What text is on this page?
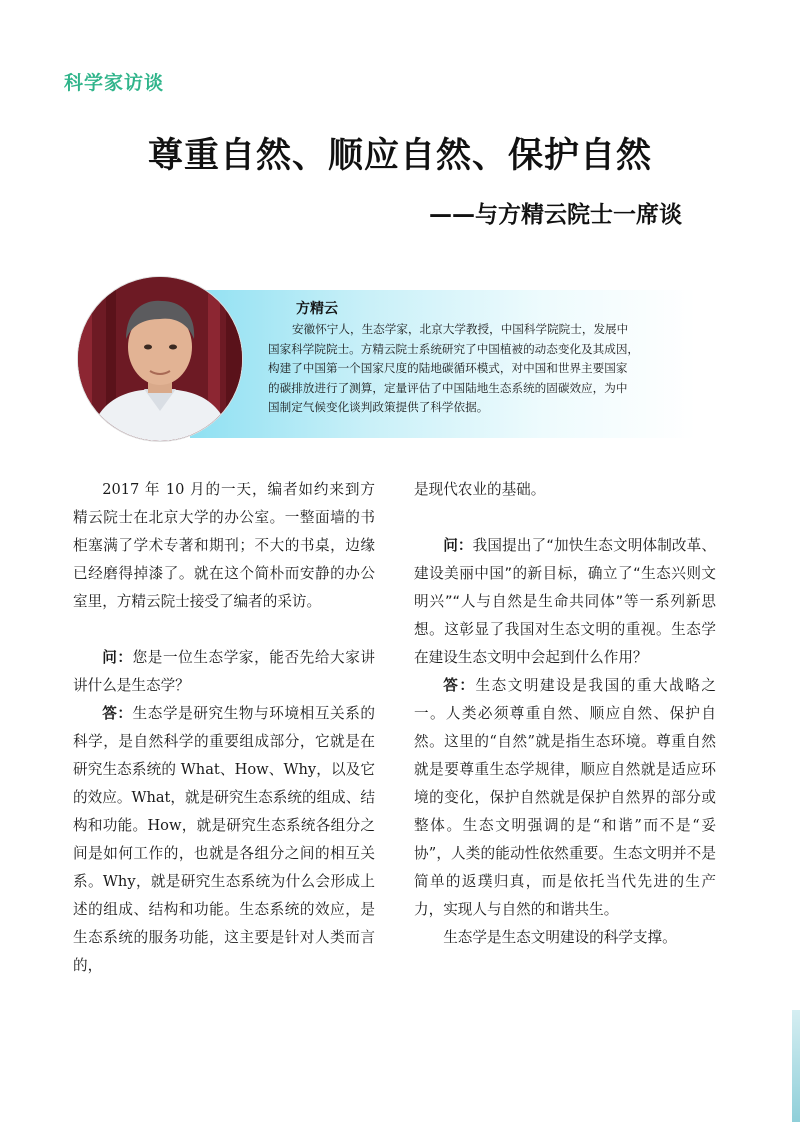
科学家访谈
尊重自然、顺应自然、保护自然
——与方精云院士一席谈
方精云
安徽怀宁人，生态学家，北京大学教授，中国科学院院士，发展中
国家科学院院士。方精云院士系统研究了中国植被的动态变化及其成因，
构建了中国第一个国家尺度的陆地碳循环模式，对中国和世界主要国家
的碳排放进行了测算，定量评估了中国陆地生态系统的固碳效应，为中
国制定气候变化谈判政策提供了科学依据。

2017 年 10 月的一天，编者如约来到方精云院士在北京大学的办公室。一整面墙的书柜塞满了学术专著和期刊；不大的书桌，边缘已经磨得掉漆了。就在这个简朴而安静的办公室里，方精云院士接受了编者的采访。

问：您是一位生态学家，能否先给大家讲讲什么是生态学？

答：生态学是研究生物与环境相互关系的科学，是自然科学的重要组成部分，它就是在研究生态系统的 What、How、Why，以及它的效应。What，就是研究生态系统的组成、结构和功能。How，就是研究生态系统各组分之间是如何工作的，也就是各组分之间的相互关系。Why，就是研究生态系统为什么会形成上述的组成、结构和功能。生态系统的效应，是生态系统的服务功能，这主要是针对人类而言的，

是现代农业的基础。

问：我国提出了“加快生态文明体制改革、建设美丽中国”的新目标，确立了“生态兴则文明兴”“人与自然是生命共同体”等一系列新思想。这彰显了我国对生态文明的重视。生态学在建设生态文明中会起到什么作用？

答：生态文明建设是我国的重大战略之一。人类必须尊重自然、顺应自然、保护自然。这里的“自然”就是指生态环境。尊重自然就是要尊重生态学规律，顺应自然就是适应环境的变化，保护自然就是保护自然界的部分或整体。生态文明强调的是“和谐”而不是“妥协”，人类的能动性依然重要。生态文明并不是简单的返璞归真，而是依托当代先进的生产力，实现人与自然的和谐共生。

生态学是生态文明建设的科学支撑。
